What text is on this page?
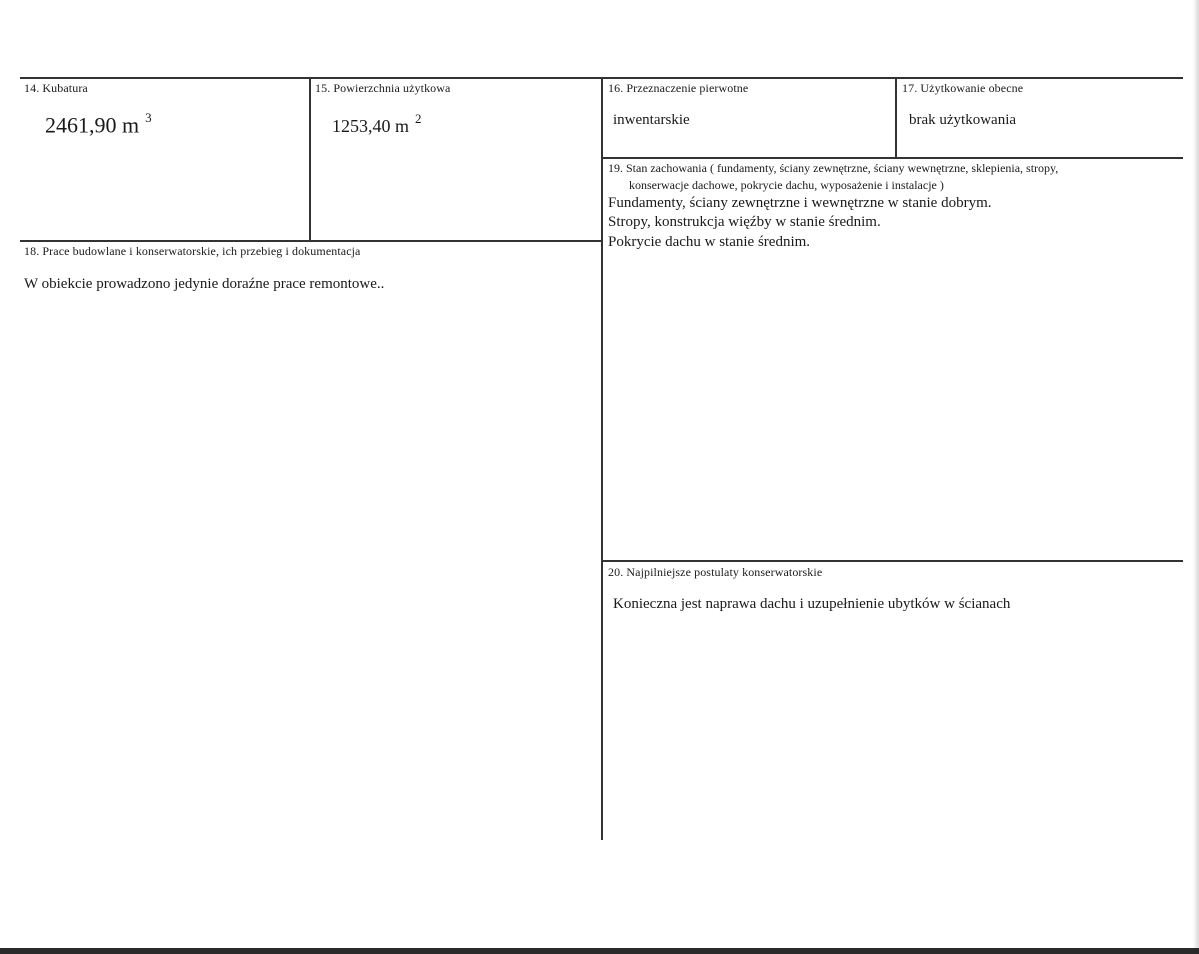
14. Kubatura
2461,90 m $^3$
15. Powierzchnia użytkowa
1253,40 m $^2$
16. Przeznaczenie pierwotne
inwentarskie
17. Użytkowanie obecne
brak użytkowania
19. Stan zachowania ( fundamenty, ściany zewnętrzne, ściany wewnętrzne, sklepienia, stropy,
konserwacje dachowe, pokrycie dachu, wyposażenie i instalacje )
Fundamenty, ściany zewnętrzne i wewnętrzne w stanie dobrym.
Stropy, konstrukcja więźby w stanie średnim.
Pokrycie dachu w stanie średnim.
18. Prace budowlane i konserwatorskie, ich przebieg i dokumentacja
W obiekcie prowadzono jedynie doraźne prace remontowe..
20. Najpilniejsze postulaty konserwatorskie
Konieczna jest naprawa dachu i uzupełnienie ubytków w ścianach
